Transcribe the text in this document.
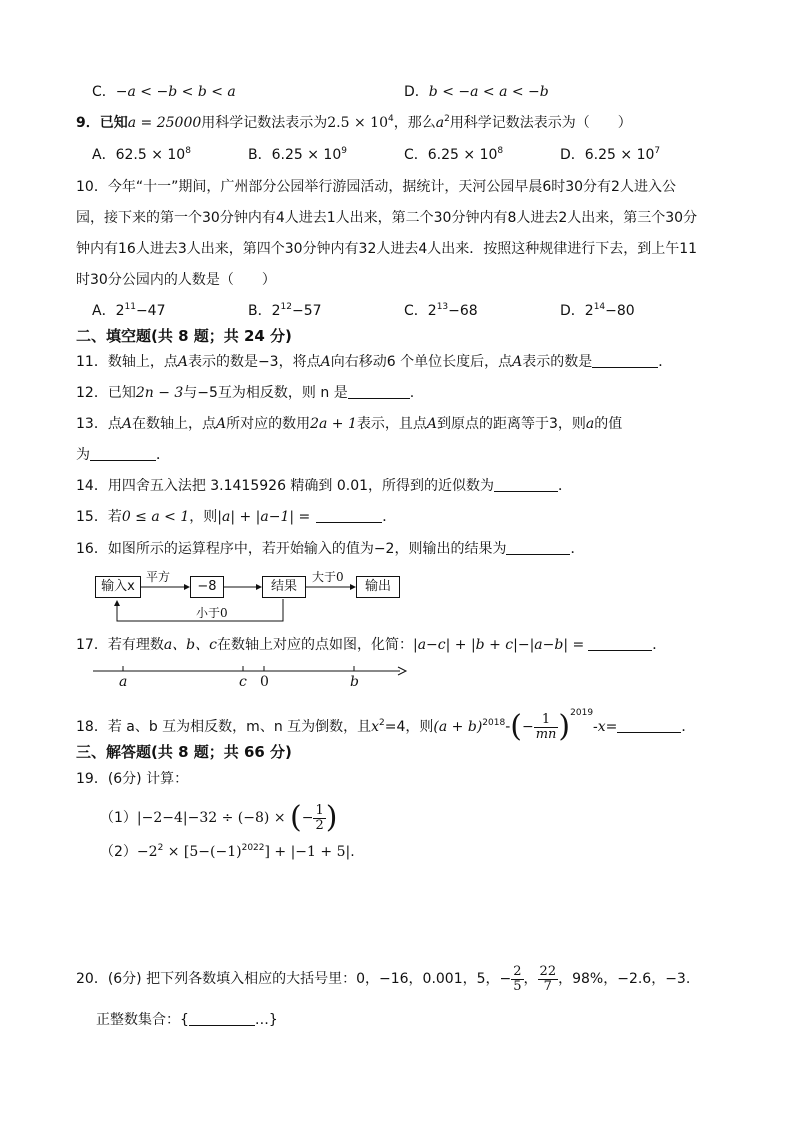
C．−a < −b < b < a	D．b < −a < a < −b
9．已知a = 25000用科学记数法表示为$2.5 \times 10^4$，那么$a^2$用科学记数法表示为（　　）
A．$62.5 \times 10^8$	B．$6.25 \times 10^9$	C．$6.25 \times 10^8$	D．$6.25 \times 10^7$
10．今年“十一”期间，广州部分公园举行游园活动，据统计，天河公园早晨6时30分有2人进入公
园，接下来的第一个30分钟内有4人进去1人出来，第二个30分钟内有8人进去2人出来，第三个30分
钟内有16人进去3人出来，第四个30分钟内有32人进去4人出来．按照这种规律进行下去，到上午11
时30分公园内的人数是（　　）
A．$2^{11}-47$	B．$2^{12}-57$	C．$2^{13}-68$	D．$2^{14}-80$
二、填空题(共 8 题；共 24 分)
11．数轴上，点A表示的数是−3，将点A向右移动6 个单位长度后，点A表示的数是	．
12．已知2n − 3与−5互为相反数，则 n 是	.
13．点A在数轴上，点A所对应的数用2a + 1表示，且点A到原点的距离等于3，则a的值
为	．
14．用四舍五入法把 3.1415926 精确到 0.01，所得到的近似数为	．
15．若0 ≤ a < 1，则|a| + |a−1| =	．
16．如图所示的运算程序中，若开始输入的值为−2，则输出的结果为	．
输入x	−8	结果	输出
平方	大于0
小于0
17．若有理数a、b、c在数轴上对应的点如图，化简：|a−c| + |b + c|−|a−b| =	．
a	c 0	b
18．若 a、b 互为相反数，m、n 互为倒数，且$x^2=4$，则$(a + b)^{2018}-(- \frac{1}{mn} )^{2019}-x=$	．
三、解答题(共 8 题；共 66 分)
19．(6分) 计算：
（1）|−2−4|−32 ÷ (−8) × (− $\frac{1}{2}$ )
$(2)-2^2 \times [5-(-1)^{2022}] + |-1 + 5|$.
20．(6分) 把下列各数填入相应的大括号里：0，−16，0.001，5，− $\frac{2}{5}$ ， $\frac{22}{7}$ ，98%，−2.6，−3.
正整数集合：{	…}
